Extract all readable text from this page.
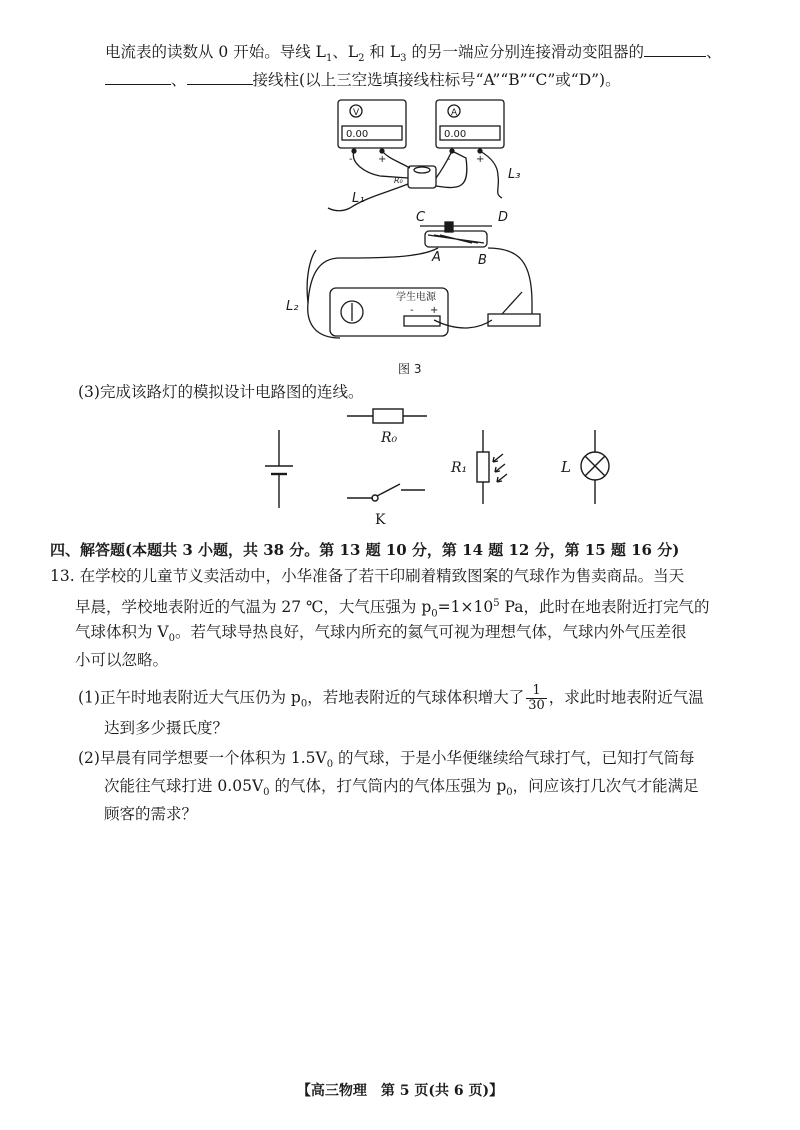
电流表的读数从 0 开始。导线 $L_1$、$L_2$ 和 $L_3$ 的另一端应分别连接滑动变阻器的	、
、	接线柱(以上三空选填接线柱标号“A”“B”“C”或“D”)。
V
0.00
A
0.00
-	+	-	+
R₀
L₁
L₃
C	D
A	B
L₂
学生电源
- +
图 3
(3)完成该路灯的模拟设计电路图的连线。
R₀
R₁	L
K
四、解答题(本题共 3 小题，共 38 分。第 13 题 10 分，第 14 题 12 分，第 15 题 16 分)
13. 在学校的儿童节义卖活动中，小华准备了若干印刷着精致图案的气球作为售卖商品。当天
早晨，学校地表附近的气温为 27 ℃，大气压强为 $p_0=1\times 10^5$ Pa，此时在地表附近打完气的
气球体积为 $V_0$。若气球导热良好，气球内所充的氦气可视为理想气体，气球内外气压差很
小可以忽略。
(1)正午时地表附近大气压仍为 $p_0$，若地表附近的气球体积增大了 $\frac{1}{30}$ ，求此时地表附近气温
达到多少摄氏度？
(2)早晨有同学想要一个体积为 $1.5V_0$ 的气球，于是小华便继续给气球打气，已知打气筒每
次能往气球打进 $0.05V_0$ 的气体，打气筒内的气体压强为 $p_0$，问应该打几次气才能满足
顾客的需求？
【高三物理　第 5 页(共 6 页)】
